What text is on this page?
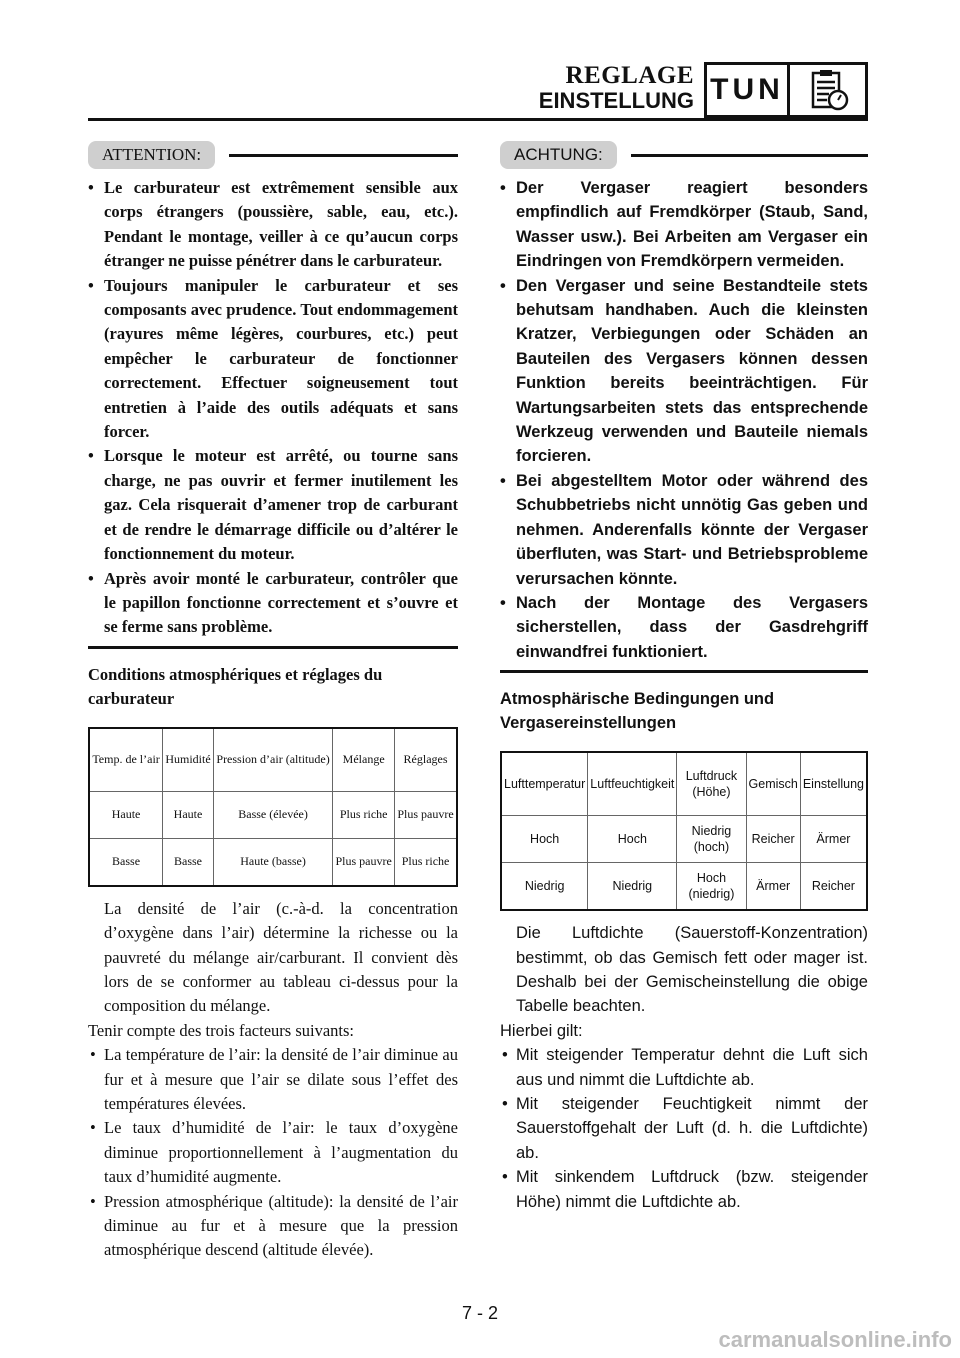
REGLAGE
EINSTELLUNG TUN
ATTENTION:
• Le carburateur est extrêmement sensible aux corps étrangers (poussière, sable, eau, etc.). Pendant le montage, veiller à ce qu’aucun corps étranger ne puisse pénétrer dans le carburateur.
• Toujours manipuler le carburateur et ses composants avec prudence. Tout endommagement (rayures même légères, courbures, etc.) peut empêcher le carburateur de fonctionner correctement. Effectuer soigneusement tout entretien à l’aide des outils adéquats et sans forcer.
• Lorsque le moteur est arrêté, ou tourne sans charge, ne pas ouvrir et fermer inutilement les gaz. Cela risquerait d’amener trop de carburant et de rendre le démarrage difficile ou d’altérer le fonctionnement du moteur.
• Après avoir monté le carburateur, contrôler que le papillon fonctionne correctement et s’ouvre et se ferme sans problème.
Conditions atmosphériques et réglages du carburateur
Temp. de l’air	Humidité	Pression d’air (altitude)	Mélange	Réglages
Haute	Haute	Basse (élevée)	Plus riche	Plus pauvre
Basse	Basse	Haute (basse)	Plus pauvre	Plus riche
La densité de l’air (c.-à-d. la concentration d’oxygène dans l’air) détermine la richesse ou la pauvreté du mélange air/carburant. Il convient dès lors de se conformer au tableau ci-dessus pour la composition du mélange.
Tenir compte des trois facteurs suivants:
• La température de l’air: la densité de l’air diminue au fur et à mesure que l’air se dilate sous l’effet des températures élevées.
• Le taux d’humidité de l’air: le taux d’oxygène diminue proportionnellement à l’augmentation du taux d’humidité augmente.
• Pression atmosphérique (altitude): la densité de l’air diminue au fur et à mesure que la pression atmosphérique descend (altitude élevée).
ACHTUNG:
• Der Vergaser reagiert besonders empfindlich auf Fremdkörper (Staub, Sand, Wasser usw.). Bei Arbeiten am Vergaser ein Eindringen von Fremdkörpern vermeiden.
• Den Vergaser und seine Bestandteile stets behutsam handhaben. Auch die kleinsten Kratzer, Verbiegungen oder Schäden an Bauteilen des Vergasers können dessen Funktion bereits beeinträchtigen. Für Wartungsarbeiten stets das entsprechende Werkzeug verwenden und Bauteile niemals forcieren.
• Bei abgestelltem Motor oder während des Schubbetriebs nicht unnötig Gas geben und nehmen. Anderenfalls könnte der Vergaser überfluten, was Start- und Betriebsprobleme verursachen könnte.
• Nach der Montage des Vergasers sicherstellen, dass der Gasdrehgriff einwandfrei funktioniert.
Atmosphärische Bedingungen und Vergasereinstellungen
Lufttemperatur	Luftfeuchtigkeit	Luftdruck (Höhe)	Gemisch	Einstellung
Hoch	Hoch	Niedrig (hoch)	Reicher	Ärmer
Niedrig	Niedrig	Hoch (niedrig)	Ärmer	Reicher
Die Luftdichte (Sauerstoff-Konzentration) bestimmt, ob das Gemisch fett oder mager ist. Deshalb bei der Gemischeinstellung die obige Tabelle beachten.
Hierbei gilt:
• Mit steigender Temperatur dehnt die Luft sich aus und nimmt die Luftdichte ab.
• Mit steigender Feuchtigkeit nimmt der Sauerstoffgehalt der Luft (d. h. die Luftdichte) ab.
• Mit sinkendem Luftdruck (bzw. steigender Höhe) nimmt die Luftdichte ab.
7 - 2
carmanualsonline.info
